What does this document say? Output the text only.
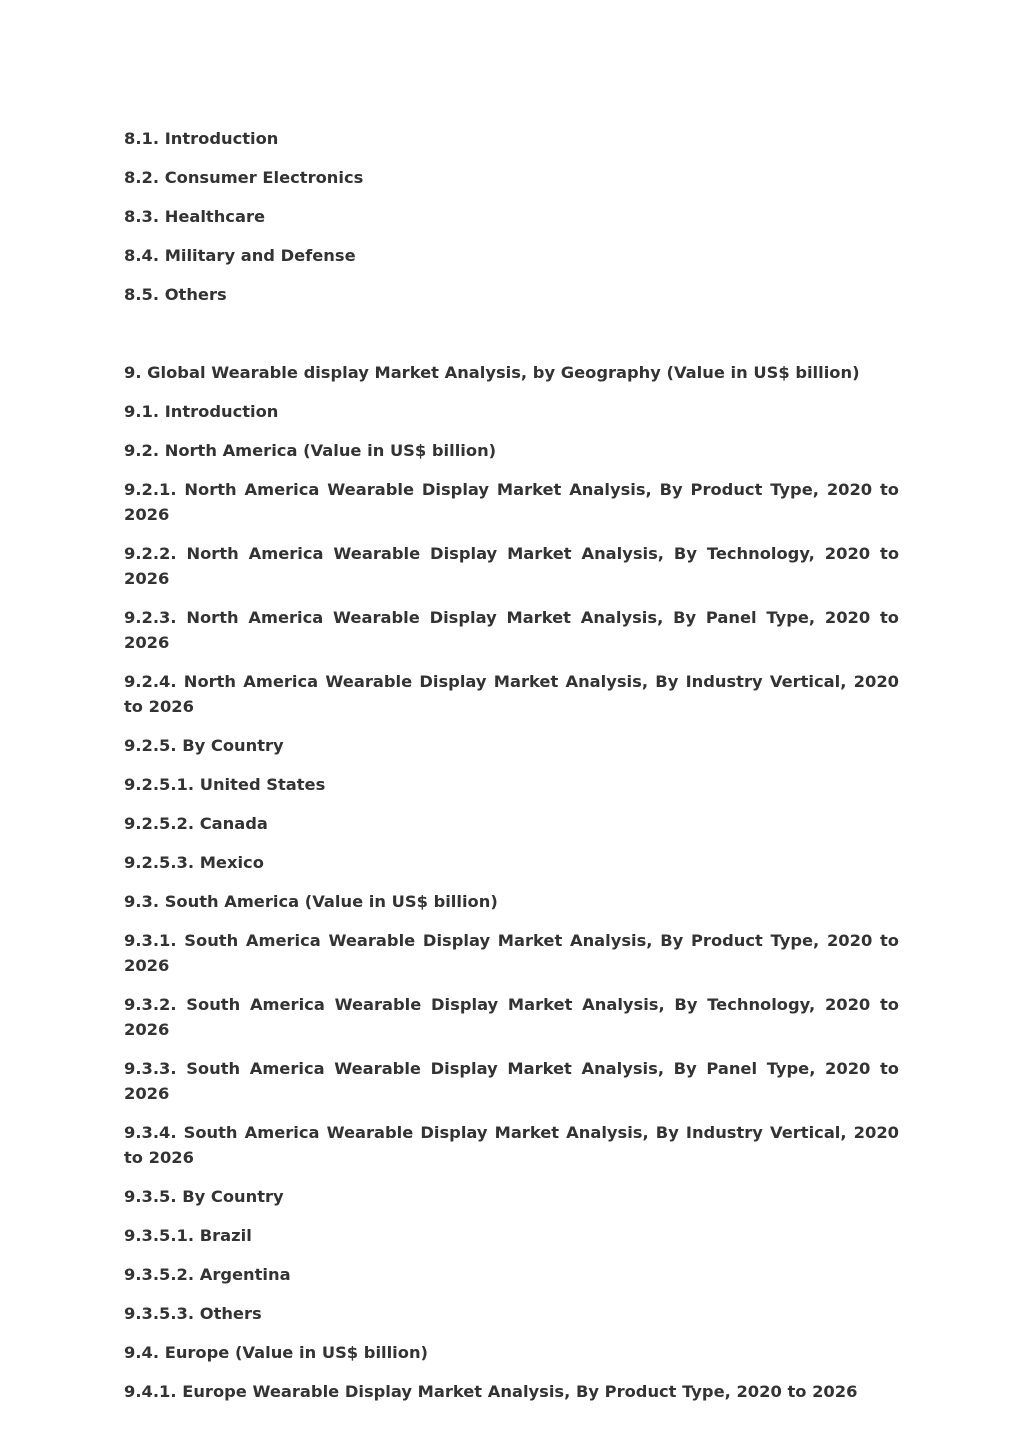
8.1. Introduction

8.2. Consumer Electronics

8.3. Healthcare

8.4. Military and Defense

8.5. Others

9. Global Wearable display Market Analysis, by Geography (Value in US$ billion)

9.1. Introduction

9.2. North America (Value in US$ billion)

9.2.1. North America Wearable Display Market Analysis, By Product Type, 2020 to 2026

9.2.2. North America Wearable Display Market Analysis, By Technology, 2020 to 2026

9.2.3. North America Wearable Display Market Analysis, By Panel Type, 2020 to 2026

9.2.4. North America Wearable Display Market Analysis, By Industry Vertical, 2020 to 2026

9.2.5. By Country

9.2.5.1. United States

9.2.5.2. Canada

9.2.5.3. Mexico

9.3. South America (Value in US$ billion)

9.3.1. South America Wearable Display Market Analysis, By Product Type, 2020 to 2026

9.3.2. South America Wearable Display Market Analysis, By Technology, 2020 to 2026

9.3.3. South America Wearable Display Market Analysis, By Panel Type, 2020 to 2026

9.3.4. South America Wearable Display Market Analysis, By Industry Vertical, 2020 to 2026

9.3.5. By Country

9.3.5.1. Brazil

9.3.5.2. Argentina

9.3.5.3. Others

9.4. Europe (Value in US$ billion)

9.4.1. Europe Wearable Display Market Analysis, By Product Type, 2020 to 2026
